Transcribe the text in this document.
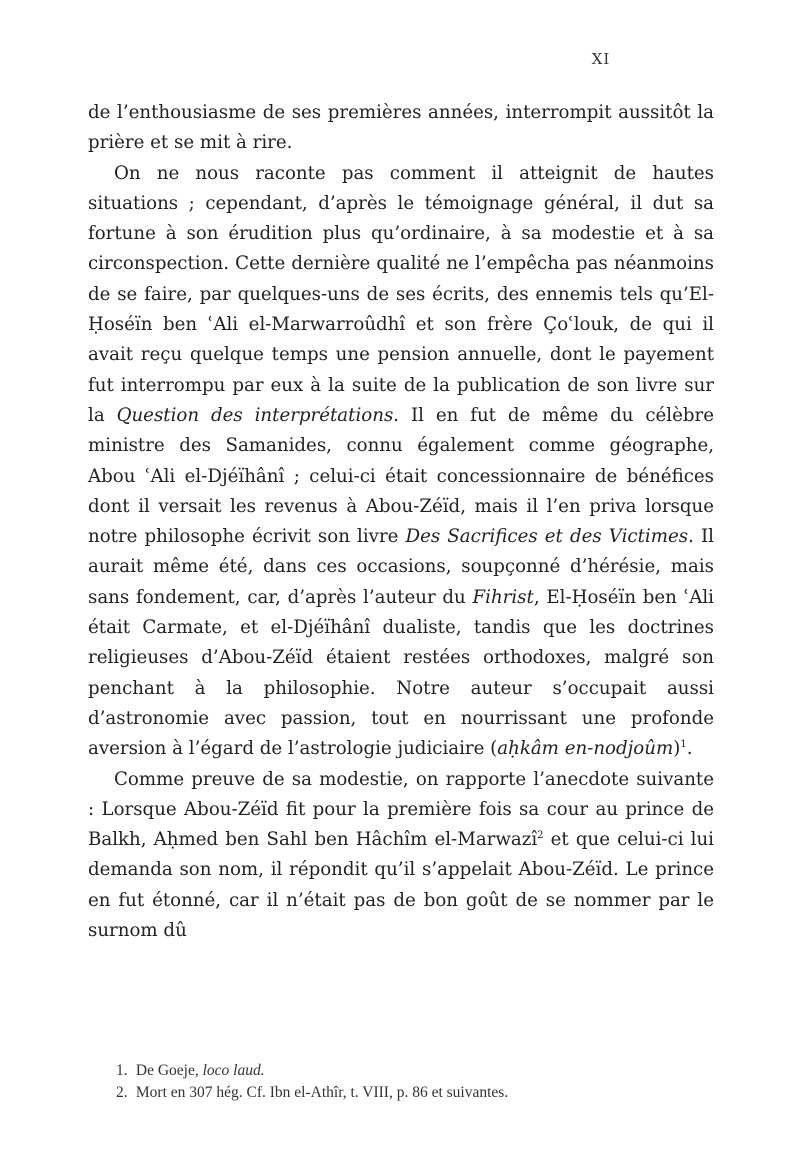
XI

de l’enthousiasme de ses premières années, interrompit aussitôt la prière et se mit à rire.

On ne nous raconte pas comment il atteignit de hautes situations ; cependant, d’après le témoignage général, il dut sa fortune à son érudition plus qu’ordinaire, à sa modestie et à sa circonspection. Cette dernière qualité ne l’empêcha pas néanmoins de se faire, par quelques-uns de ses écrits, des ennemis tels qu’El-Ḥoséïn ben ʿAli el-Marwarroûdhî et son frère Çoʿlouk, de qui il avait reçu quelque temps une pension annuelle, dont le payement fut interrompu par eux à la suite de la publication de son livre sur la Question des interprétations. Il en fut de même du célèbre ministre des Samanides, connu également comme géographe, Abou ʿAli el-Djéïhânî ; celui-ci était concessionnaire de bénéfices dont il versait les revenus à Abou-Zéïd, mais il l’en priva lorsque notre philosophe écrivit son livre Des Sacrifices et des Victimes. Il aurait même été, dans ces occasions, soupçonné d’hérésie, mais sans fondement, car, d’après l’auteur du Fihrist, El-Ḥoséïn ben ʿAli était Carmate, et el-Djéïhânî dualiste, tandis que les doctrines religieuses d’Abou-Zéïd étaient restées orthodoxes, malgré son penchant à la philosophie. Notre auteur s’occupait aussi d’astronomie avec passion, tout en nourrissant une profonde aversion à l’égard de l’astrologie judiciaire (aḥkâm en-nodjoûm)$^1$.

Comme preuve de sa modestie, on rapporte l’anecdote suivante : Lorsque Abou-Zéïd fit pour la première fois sa cour au prince de Balkh, Aḥmed ben Sahl ben Hâchîm el-Marwazî$^2$ et que celui-ci lui demanda son nom, il répondit qu’il s’appelait Abou-Zéïd. Le prince en fut étonné, car il n’était pas de bon goût de se nommer par le surnom dû

1. De Goeje, loco laud.

2. Mort en 307 hég. Cf. Ibn el-Athîr, t. VIII, p. 86 et suivantes.
